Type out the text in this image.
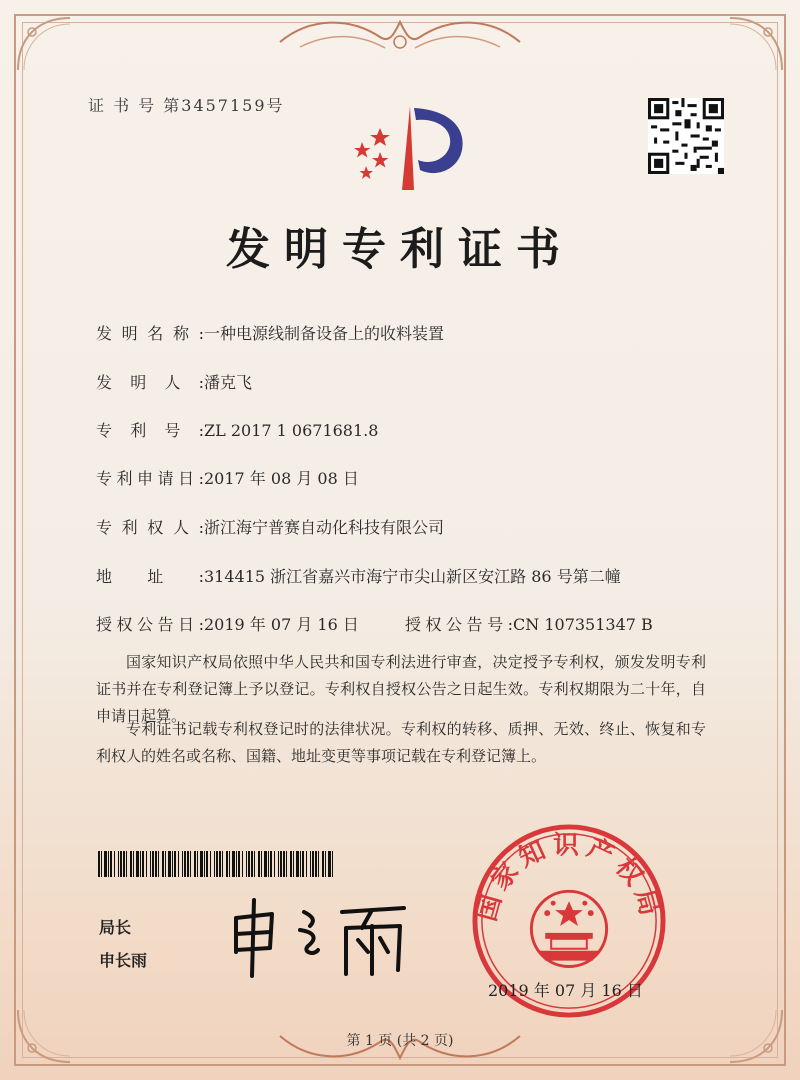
证 书 号 第3457159号
发明专利证书
发明名称:一种电源线制备设备上的收料装置
发明人:潘克飞
专利号:ZL 2017 1 0671681.8
专利申请日:2017 年 08 月 08 日
专利权人:浙江海宁普赛自动化科技有限公司
地址:314415 浙江省嘉兴市海宁市尖山新区安江路 86 号第二幢
授权公告日:2019 年 07 月 16 日	授权公告号:CN 107351347 B
国家知识产权局依照中华人民共和国专利法进行审查，决定授予专利权，颁发发明专利证书并在专利登记簿上予以登记。专利权自授权公告之日起生效。专利权期限为二十年，自申请日起算。
专利证书记载专利权登记时的法律状况。专利权的转移、质押、无效、终止、恢复和专利权人的姓名或名称、国籍、地址变更等事项记载在专利登记簿上。
局长
申长雨
国家知识产权局
2019 年 07 月 16 日
第 1 页 (共 2 页)
